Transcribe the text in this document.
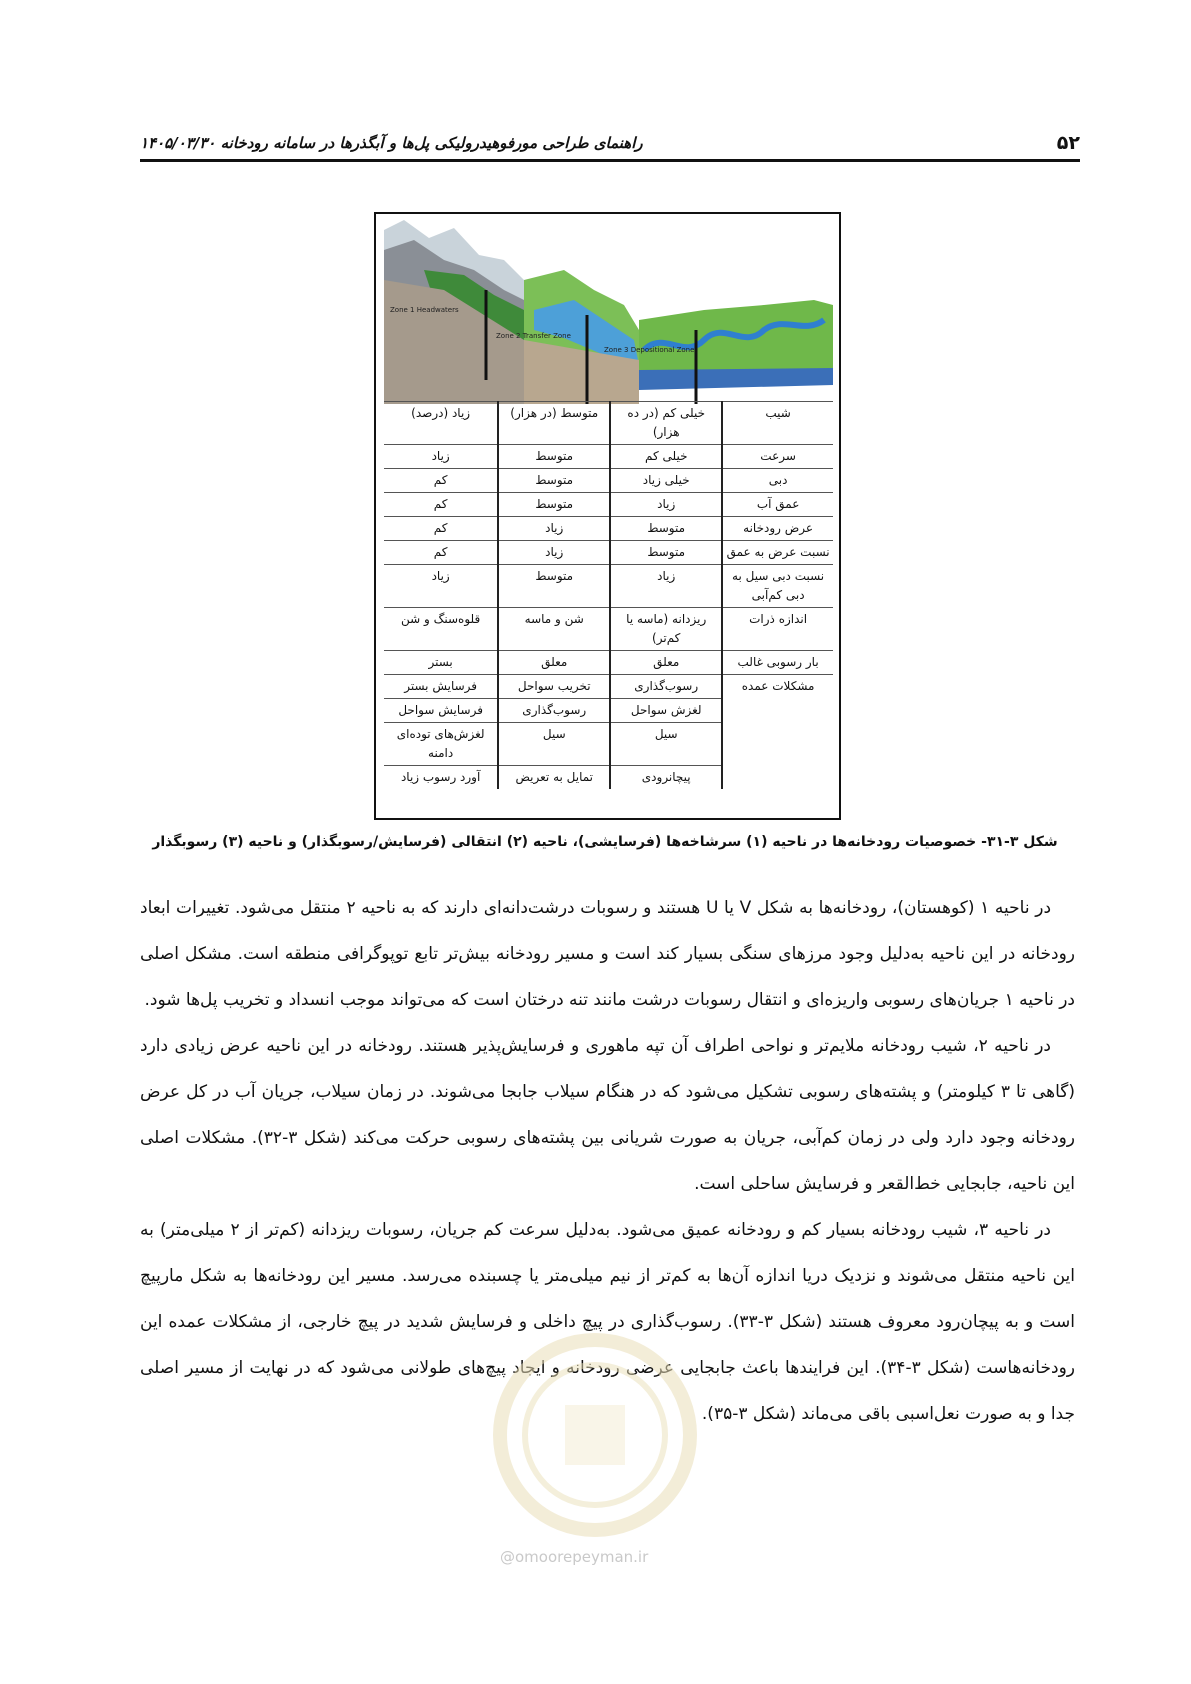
۵۲
راهنمای طراحی مورفوهیدرولیکی پل‌ها و آبگذرها در سامانه رودخانه ۱۴۰۵/۰۳/۳۰
Zone 1 Headwaters
Zone 2 Transfer Zone
Zone 3 Depositional Zone
شیب	خیلی کم (در ده هزار)	متوسط (در هزار)	زیاد (درصد)
سرعت	خیلی کم	متوسط	زیاد
دبی	خیلی زیاد	متوسط	کم
عمق آب	زیاد	متوسط	کم
عرض رودخانه	متوسط	زیاد	کم
نسبت عرض به عمق	متوسط	زیاد	کم
نسبت دبی سیل به دبی کم‌آبی	زیاد	متوسط	زیاد
اندازه ذرات	ریزدانه (ماسه یا کم‌تر)	شن و ماسه	قلوه‌سنگ و شن
بار رسوبی غالب	معلق	معلق	بستر
مشکلات عمده	رسوب‌گذاری	تخریب سواحل	فرسایش بستر
	لغزش سواحل	رسوب‌گذاری	فرسایش سواحل
	سیل	سیل	لغزش‌های توده‌ای دامنه
	پیچانرودی	تمایل به تعریض	آورد رسوب زیاد
شکل ۳-۳۱- خصوصیات رودخانه‌ها در ناحیه (۱) سرشاخه‌ها (فرسایشی)، ناحیه (۲) انتقالی (فرسایش/رسوبگذار) و ناحیه (۳) رسوبگذار

در ناحیه ۱ (کوهستان)، رودخانه‌ها به شکل V یا U هستند و رسوبات درشت‌دانه‌ای دارند که به ناحیه ۲ منتقل می‌شود. تغییرات ابعاد رودخانه در این ناحیه به‌دلیل وجود مرزهای سنگی بسیار کند است و مسیر رودخانه بیش‌تر تابع توپوگرافی منطقه است. مشکل اصلی در ناحیه ۱ جریان‌های رسوبی واریزه‌ای و انتقال رسوبات درشت مانند تنه درختان است که می‌تواند موجب انسداد و تخریب پل‌ها شود.

در ناحیه ۲، شیب رودخانه ملایم‌تر و نواحی اطراف آن تپه ماهوری و فرسایش‌پذیر هستند. رودخانه در این ناحیه عرض زیادی دارد (گاهی تا ۳ کیلومتر) و پشته‌های رسوبی تشکیل می‌شود که در هنگام سیلاب جابجا می‌شوند. در زمان سیلاب، جریان آب در کل عرض رودخانه وجود دارد ولی در زمان کم‌آبی، جریان به صورت شریانی بین پشته‌های رسوبی حرکت می‌کند (شکل ۳-۳۲). مشکلات اصلی این ناحیه، جابجایی خط‌القعر و فرسایش ساحلی است.

در ناحیه ۳، شیب رودخانه بسیار کم و رودخانه عمیق می‌شود. به‌دلیل سرعت کم جریان، رسوبات ریزدانه (کم‌تر از ۲ میلی‌متر) به این ناحیه منتقل می‌شوند و نزدیک دریا اندازه آن‌ها به کم‌تر از نیم میلی‌متر یا چسبنده می‌رسد. مسیر این رودخانه‌ها به شکل مارپیچ است و به پیچان‌رود معروف هستند (شکل ۳-۳۳). رسوب‌گذاری در پیچ داخلی و فرسایش شدید در پیچ خارجی، از مشکلات عمده این رودخانه‌هاست (شکل ۳-۳۴). این فرایندها باعث جابجایی عرضی رودخانه و ایجاد پیچ‌های طولانی می‌شود که در نهایت از مسیر اصلی جدا و به صورت نعل‌اسبی باقی می‌ماند (شکل ۳-۳۵).

@omoorepeyman.ir
